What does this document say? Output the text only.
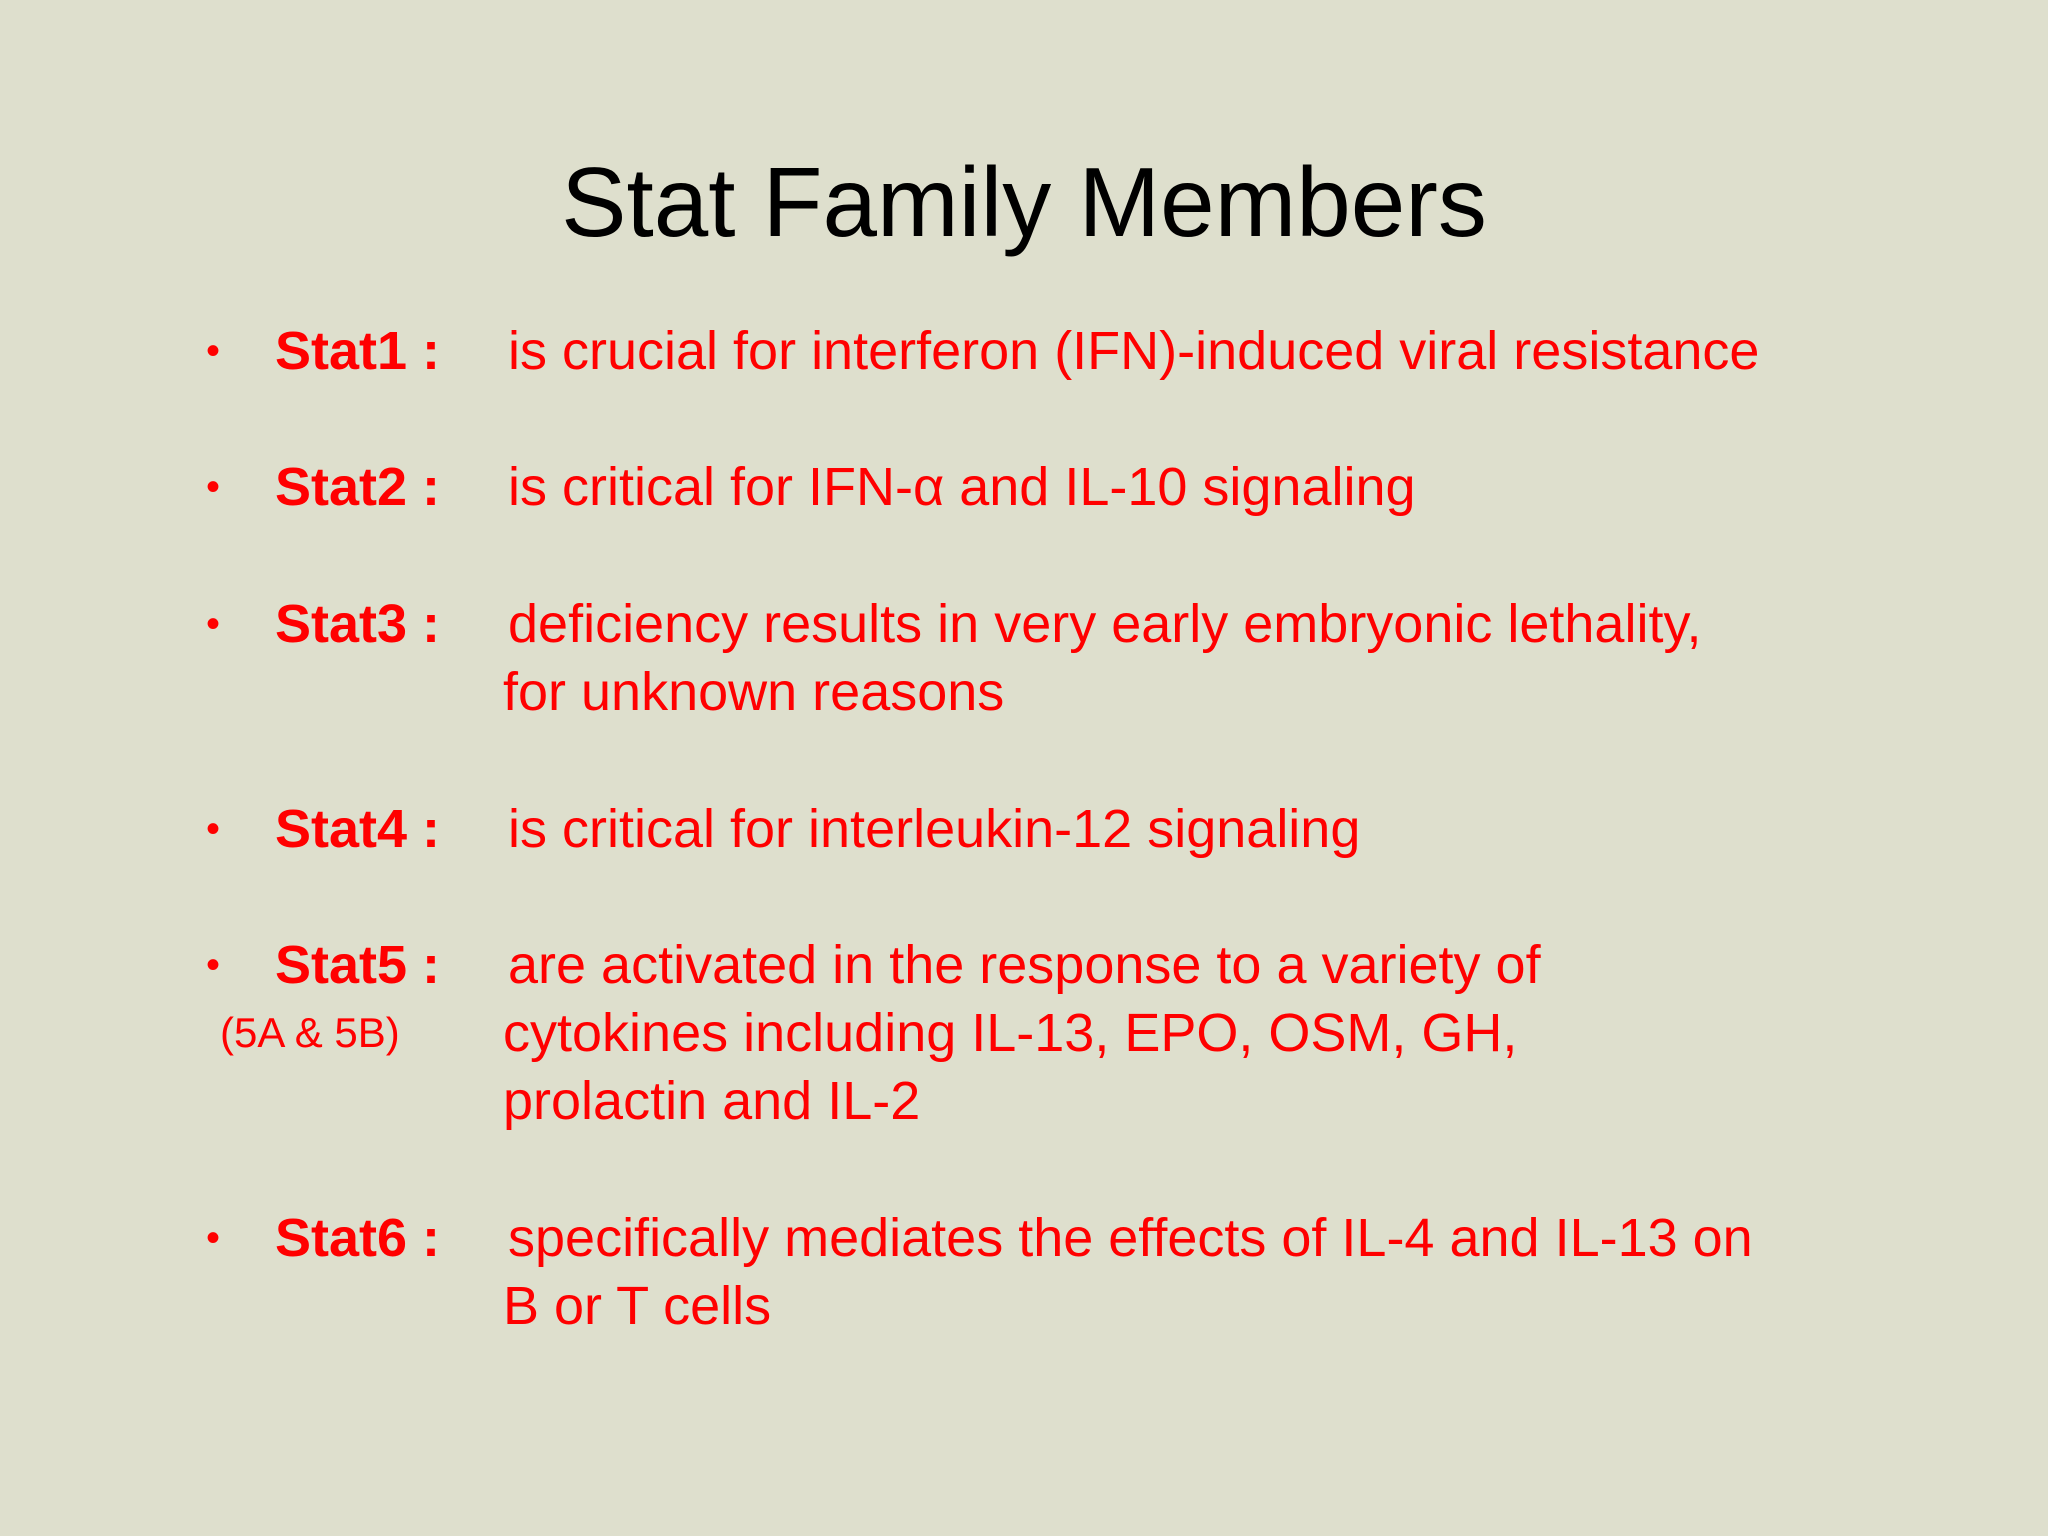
Stat Family Members
• Stat1 : is crucial for interferon (IFN)-induced viral resistance
• Stat2 : is critical for IFN-α and IL-10 signaling
• Stat3 : deficiency results in very early embryonic lethality,
for unknown reasons
• Stat4 : is critical for interleukin-12 signaling
• Stat5 :
(5A & 5B)
are activated in the response to a variety of
cytokines including IL-13, EPO, OSM, GH,
prolactin and IL-2
• Stat6 : specifically mediates the effects of IL-4 and IL-13 on
B or T cells
